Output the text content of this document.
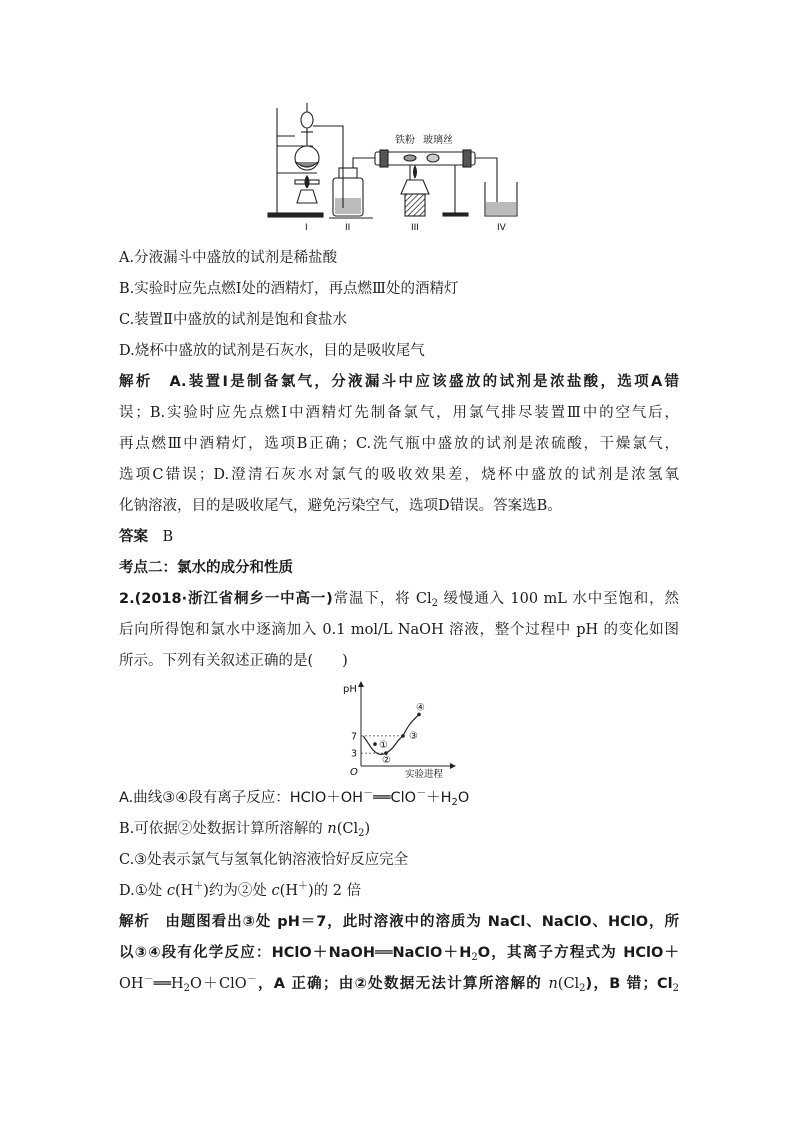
铁粉 玻璃丝
I	II	III	IV
A.分液漏斗中盛放的试剂是稀盐酸
B.实验时应先点燃Ⅰ处的酒精灯，再点燃Ⅲ处的酒精灯
C.装置Ⅱ中盛放的试剂是饱和食盐水
D.烧杯中盛放的试剂是石灰水，目的是吸收尾气
解析　 A.装置Ⅰ是制备氯气，分液漏斗中应该盛放的试剂是浓盐酸，选项A错
误；B.实验时应先点燃Ⅰ中酒精灯先制备氯气，用氯气排尽装置Ⅲ中的空气后，
再点燃Ⅲ中酒精灯，选项B正确；C.洗气瓶中盛放的试剂是浓硫酸，干燥氯气，
选项C错误；D.澄清石灰水对氯气的吸收效果差，烧杯中盛放的试剂是浓氢氧
化钠溶液，目的是吸收尾气，避免污染空气，选项D错误。答案选B。
答案　 B
考点二：氯水的成分和性质
2.(2018·浙江省桐乡一中高一)常温下，将 $Cl_2$ 缓慢通入 100 mL 水中至饱和，然
后向所得饱和氯水中逐滴加入 0.1 mol/L NaOH 溶液，整个过程中 pH 的变化如图
所示。下列有关叙述正确的是(　　)
pH
实验进程
O
3
7
①
②
③
④
A.曲线③④段有离子反应：$HClO+OH^-══ClO^-+H_2O$
B.可依据②处数据计算所溶解的 $n(Cl_2)$
C.③处表示氯气与氢氧化钠溶液恰好反应完全
D.①处 c(H＋)约为②处 c(H＋)的 2 倍
解析　 由题图看出③处 pH＝7，此时溶液中的溶质为 NaCl、NaClO、HClO，所
以③④段有化学反应：$HClO+NaOH══NaClO+H_2O$，其离子方程式为 HClO＋
$OH^-══H_2O+ClO^-$，A 正确；由②处数据无法计算所溶解的 $n(Cl_2)$，B 错；$Cl_2$
